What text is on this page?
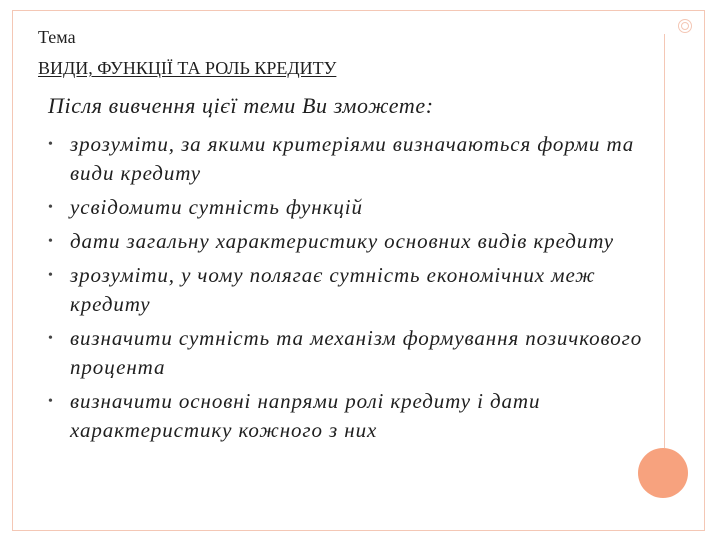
Тема
ВИДИ, ФУНКЦІЇ ТА РОЛЬ КРЕДИТУ
Після вивчення цієї теми Ви зможете:
• зрозуміти, за якими критеріями визначаються форми та види кредиту
• усвідомити сутність функцій
• дати загальну характеристику основних видів кредиту
• зрозуміти, у чому полягає сутність економічних меж кредиту
• визначити сутність та механізм формування позичкового процента
• визначити основні напрями ролі кредиту і дати характеристику кожного з них
